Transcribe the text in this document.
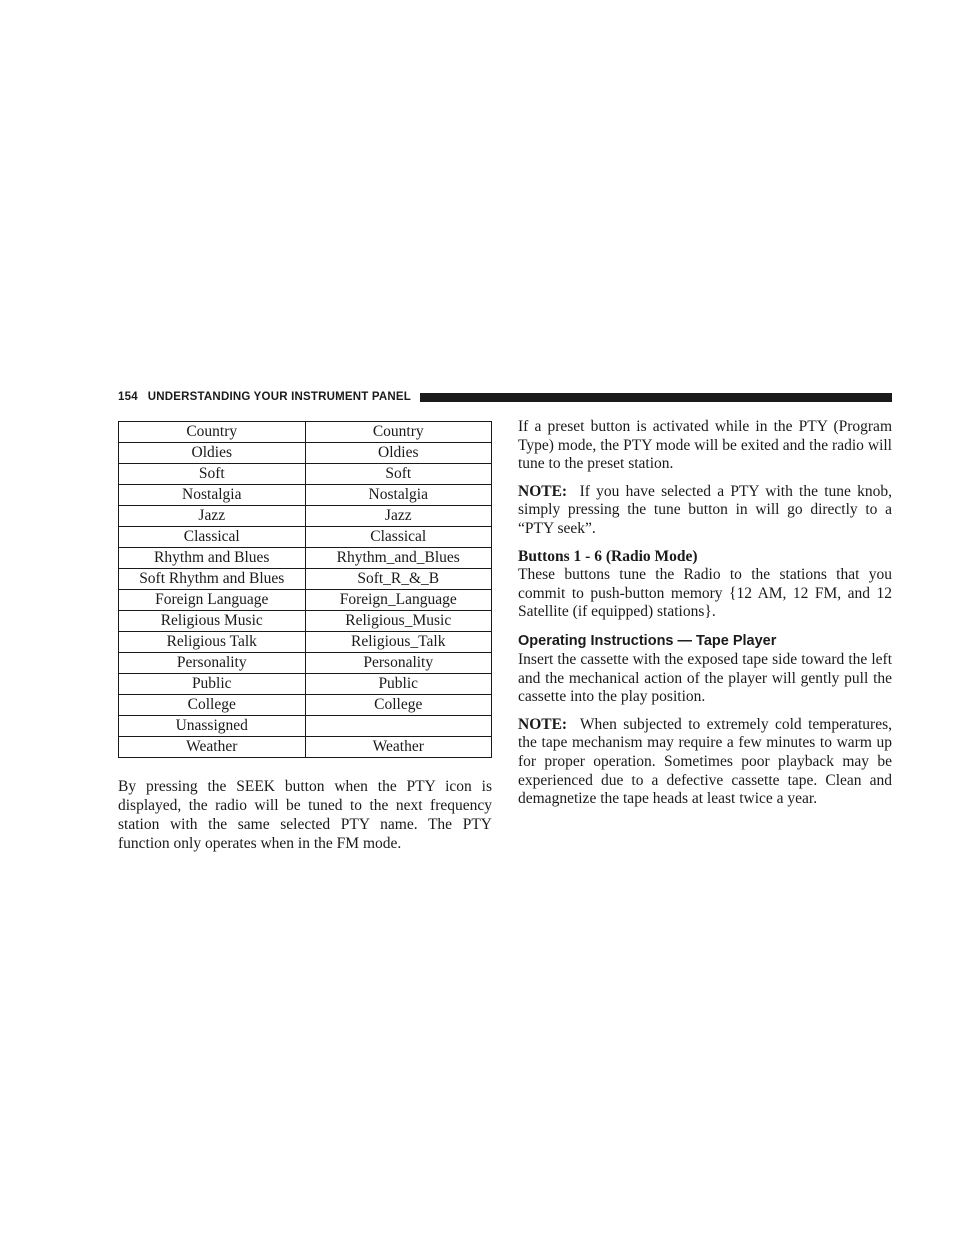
154 UNDERSTANDING YOUR INSTRUMENT PANEL
Country	Country
Oldies	Oldies
Soft	Soft
Nostalgia	Nostalgia
Jazz	Jazz
Classical	Classical
Rhythm and Blues	Rhythm_and_Blues
Soft Rhythm and Blues	Soft_R_&_B
Foreign Language	Foreign_Language
Religious Music	Religious_Music
Religious Talk	Religious_Talk
Personality	Personality
Public	Public
College	College
Unassigned	
Weather	Weather
By pressing the SEEK button when the PTY icon is displayed, the radio will be tuned to the next frequency station with the same selected PTY name. The PTY function only operates when in the FM mode.

If a preset button is activated while in the PTY (Program Type) mode, the PTY mode will be exited and the radio will tune to the preset station.

NOTE: If you have selected a PTY with the tune knob, simply pressing the tune button in will go directly to a “PTY seek”.

Buttons 1 - 6 (Radio Mode)

These buttons tune the Radio to the stations that you commit to push-button memory {12 AM, 12 FM, and 12 Satellite (if equipped) stations}.

Operating Instructions — Tape Player

Insert the cassette with the exposed tape side toward the left and the mechanical action of the player will gently pull the cassette into the play position.

NOTE: When subjected to extremely cold temperatures, the tape mechanism may require a few minutes to warm up for proper operation. Sometimes poor playback may be experienced due to a defective cassette tape. Clean and demagnetize the tape heads at least twice a year.
